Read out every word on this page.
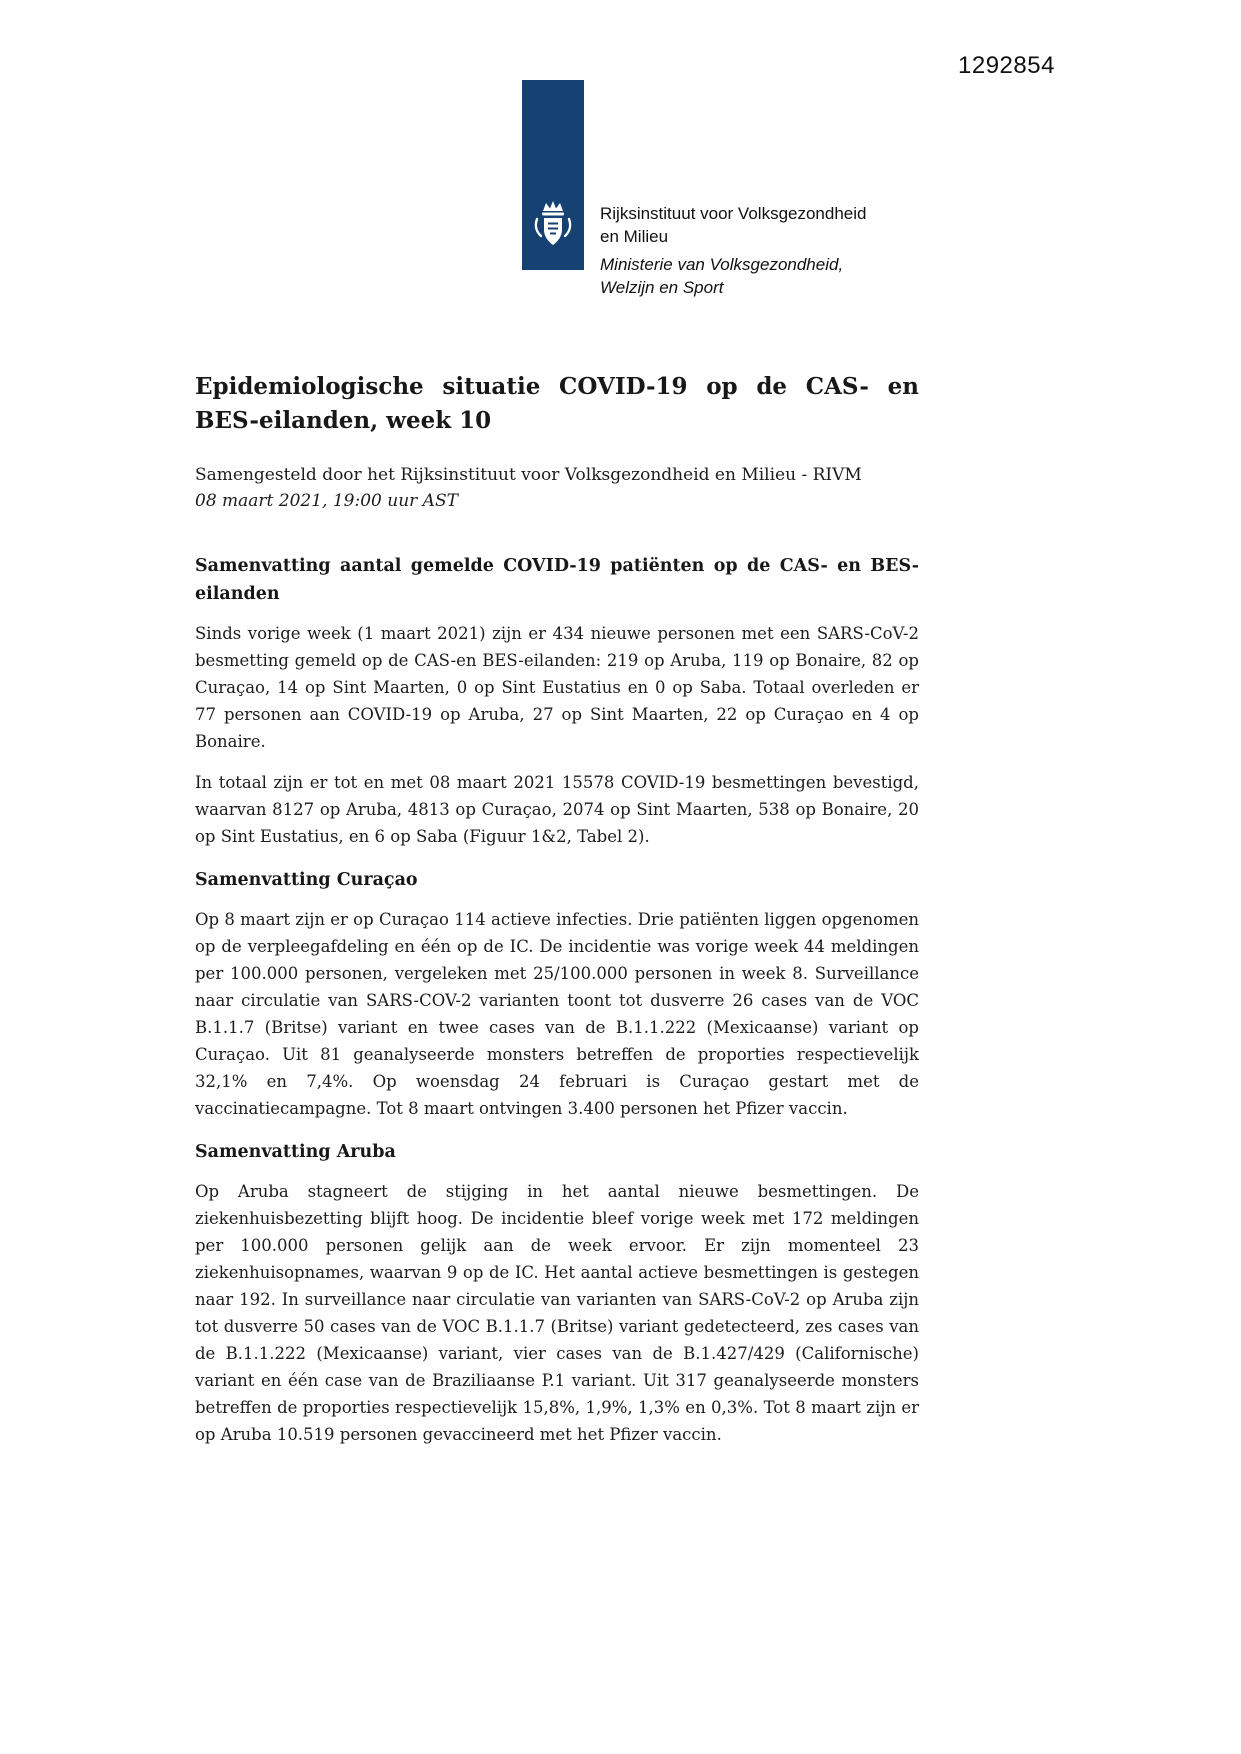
1292854
Rijksinstituut voor Volksgezondheid
en Milieu
Ministerie van Volksgezondheid,
Welzijn en Sport
Epidemiologische situatie COVID-19 op de CAS- en BES-eilanden, week 10

Samengesteld door het Rijksinstituut voor Volksgezondheid en Milieu - RIVM

08 maart 2021, 19:00 uur AST

Samenvatting aantal gemelde COVID-19 patiënten op de CAS- en BES-eilanden

Sinds vorige week (1 maart 2021) zijn er 434 nieuwe personen met een SARS-CoV-2 besmetting gemeld op de CAS-en BES-eilanden: 219 op Aruba, 119 op Bonaire, 82 op Curaçao, 14 op Sint Maarten, 0 op Sint Eustatius en 0 op Saba. Totaal overleden er 77 personen aan COVID-19 op Aruba, 27 op Sint Maarten, 22 op Curaçao en 4 op Bonaire.

In totaal zijn er tot en met 08 maart 2021 15578 COVID-19 besmettingen bevestigd, waarvan 8127 op Aruba, 4813 op Curaçao, 2074 op Sint Maarten, 538 op Bonaire, 20 op Sint Eustatius, en 6 op Saba (Figuur 1&2, Tabel 2).

Samenvatting Curaçao

Op 8 maart zijn er op Curaçao 114 actieve infecties. Drie patiënten liggen opgenomen op de verpleegafdeling en één op de IC. De incidentie was vorige week 44 meldingen per 100.000 personen, vergeleken met 25/100.000 personen in week 8. Surveillance naar circulatie van SARS-COV-2 varianten toont tot dusverre 26 cases van de VOC B.1.1.7 (Britse) variant en twee cases van de B.1.1.222 (Mexicaanse) variant op Curaçao. Uit 81 geanalyseerde monsters betreffen de proporties respectievelijk 32,1% en 7,4%. Op woensdag 24 februari is Curaçao gestart met de vaccinatiecampagne. Tot 8 maart ontvingen 3.400 personen het Pfizer vaccin.

Samenvatting Aruba

Op Aruba stagneert de stijging in het aantal nieuwe besmettingen. De ziekenhuisbezetting blijft hoog. De incidentie bleef vorige week met 172 meldingen per 100.000 personen gelijk aan de week ervoor. Er zijn momenteel 23 ziekenhuisopnames, waarvan 9 op de IC. Het aantal actieve besmettingen is gestegen naar 192. In surveillance naar circulatie van varianten van SARS-CoV-2 op Aruba zijn tot dusverre 50 cases van de VOC B.1.1.7 (Britse) variant gedetecteerd, zes cases van de B.1.1.222 (Mexicaanse) variant, vier cases van de B.1.427/429 (Californische) variant en één case van de Braziliaanse P.1 variant. Uit 317 geanalyseerde monsters betreffen de proporties respectievelijk 15,8%, 1,9%, 1,3% en 0,3%. Tot 8 maart zijn er op Aruba 10.519 personen gevaccineerd met het Pfizer vaccin.
